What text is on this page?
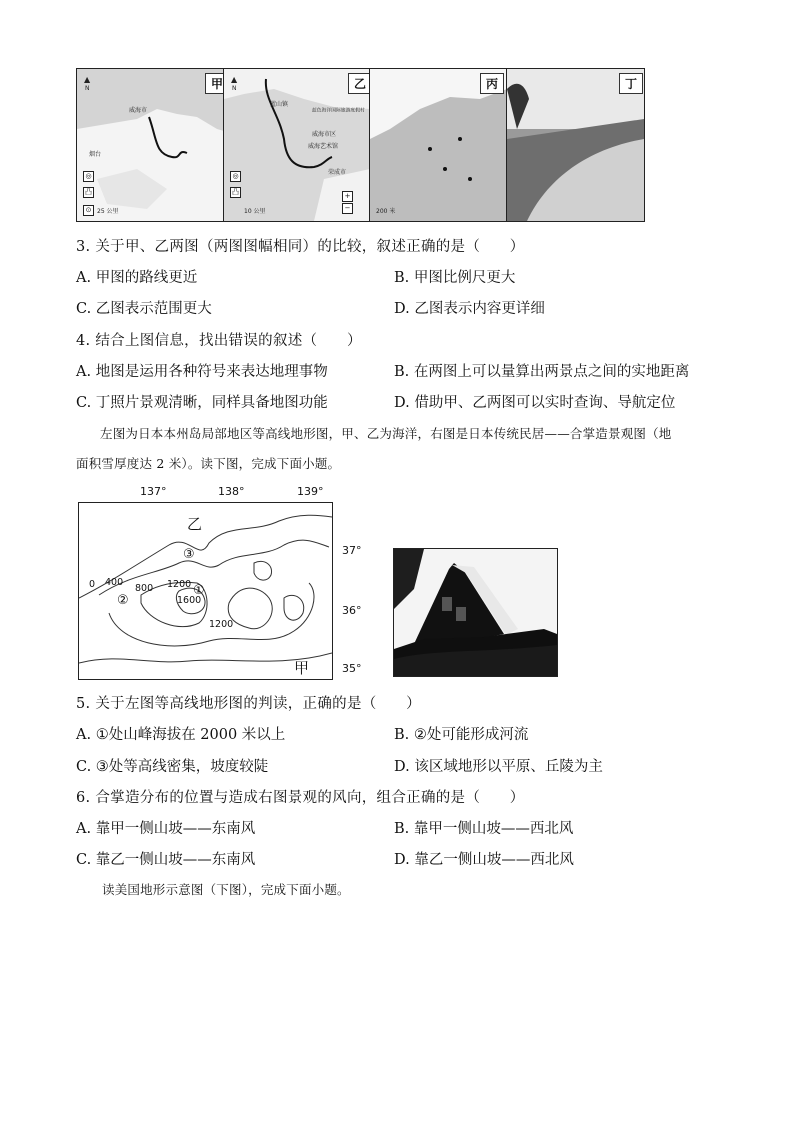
甲
▲
N
烟台
威海市
◎
凸
⊙ 25 公里
乙
▲
N
蓝山镇
蓝色海洋国际旅游度假村
威海市区
威海艺术馆
荣成市
◎
凸	+
−
10 公里
丙
200 米
丁
3. 关于甲、乙两图（两图图幅相同）的比较，叙述正确的是（　　）
A. 甲图的路线更近	B. 甲图比例尺更大
C. 乙图表示范围更大	D. 乙图表示内容更详细
4. 结合上图信息，找出错误的叙述（　　）
A. 地图是运用各种符号来表达地理事物	B. 在两图上可以量算出两景点之间的实地距离
C. 丁照片景观清晰，同样具备地图功能	D. 借助甲、乙两图可以实时查询、导航定位
左图为日本本州岛局部地区等高线地形图，甲、乙为海洋，右图是日本传统民居——合掌造景观图（地
面积雪厚度达 2 米）。读下图，完成下面小题。
137°	138°	139°
乙
甲
0 400
800 1200
1600
1200
①
②
③	37°
36°
35°
5. 关于左图等高线地形图的判读，正确的是（　　）
A. ①处山峰海拔在 2000 米以上	B. ②处可能形成河流
C. ③处等高线密集，坡度较陡	D. 该区域地形以平原、丘陵为主
6. 合掌造分布的位置与造成右图景观的风向，组合正确的是（　　）
A. 靠甲一侧山坡——东南风	B. 靠甲一侧山坡——西北风
C. 靠乙一侧山坡——东南风	D. 靠乙一侧山坡——西北风
读美国地形示意图（下图），完成下面小题。
